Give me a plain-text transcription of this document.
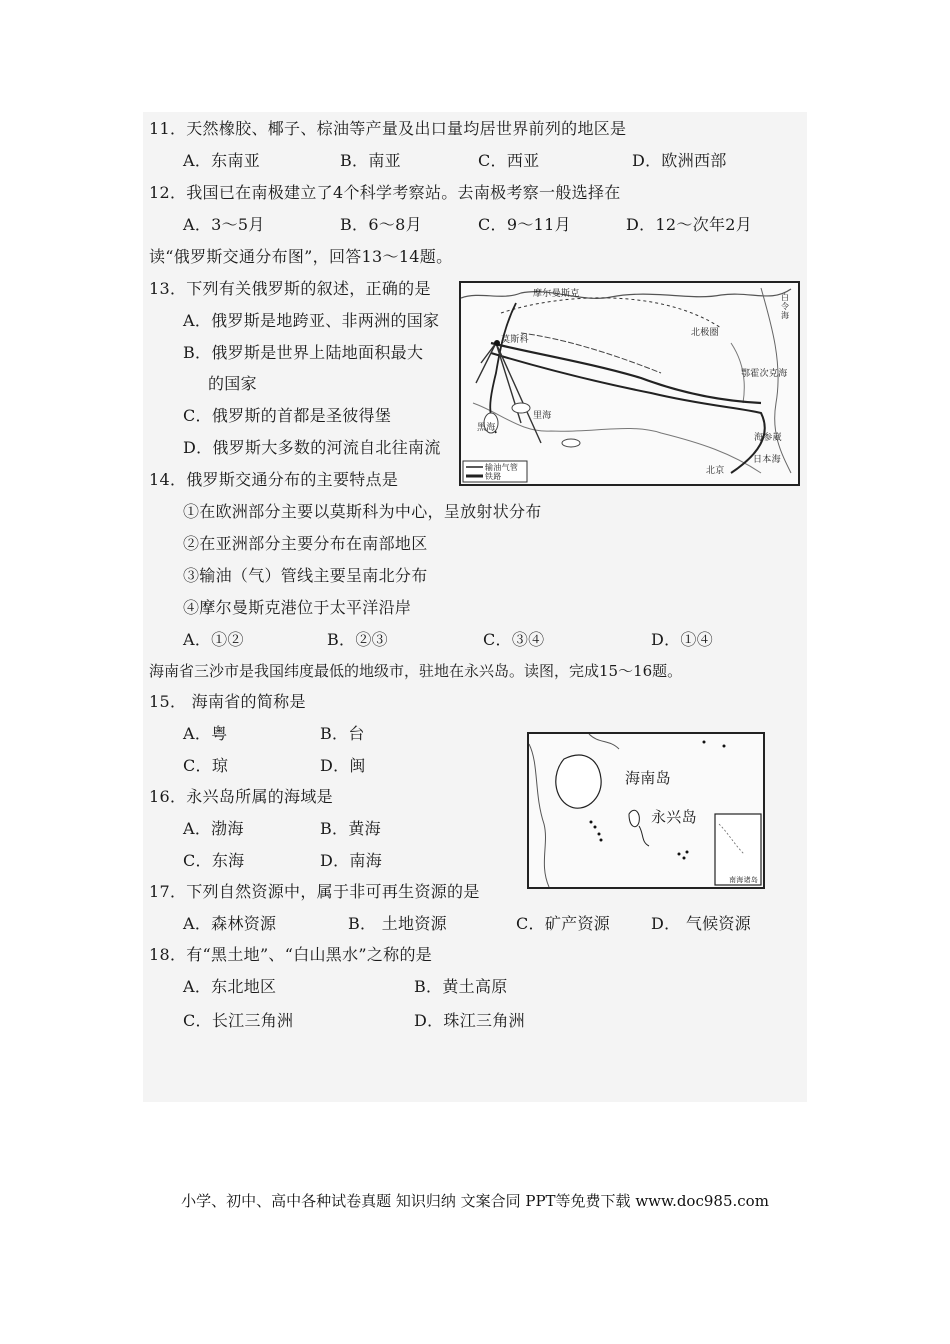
11．天然橡胶、椰子、棕油等产量及出口量均居世界前列的地区是
A．东南亚	B．南亚	C．西亚	D．欧洲西部
12．我国已在南极建立了4个科学考察站。去南极考察一般选择在
A．3～5月	B．6～8月	C．9～11月	D．12～次年2月
读“俄罗斯交通分布图”，回答13～14题。
13．下列有关俄罗斯的叙述，正确的是
A．俄罗斯是地跨亚、非两洲的国家
B．俄罗斯是世界上陆地面积最大
的国家
C．俄罗斯的首都是圣彼得堡
D．俄罗斯大多数的河流自北往南流
摩尔曼斯克
莫斯科
北极圈
白令海
鄂霍次克海
日本海
海参崴
北京
里海
黑海
输油气管
铁路
14．俄罗斯交通分布的主要特点是
①在欧洲部分主要以莫斯科为中心，呈放射状分布
②在亚洲部分主要分布在南部地区
③输油（气）管线主要呈南北分布
④摩尔曼斯克港位于太平洋沿岸
A．①②	B．②③	C．③④	D．①④
海南省三沙市是我国纬度最低的地级市，驻地在永兴岛。读图，完成15～16题。
15． 海南省的简称是
A．粤	B．台
C．琼	D．闽
海南岛
永兴岛
南海诸岛
16．永兴岛所属的海域是
A．渤海	B．黄海
C．东海	D．南海
17．下列自然资源中，属于非可再生资源的是
A．森林资源	B． 土地资源	C．矿产资源	D． 气候资源
18．有“黑土地”、“白山黑水”之称的是
A．东北地区	B．黄土高原
C．长江三角洲	D．珠江三角洲
小学、初中、高中各种试卷真题 知识归纳 文案合同 PPT等免费下载 www.doc985.com
